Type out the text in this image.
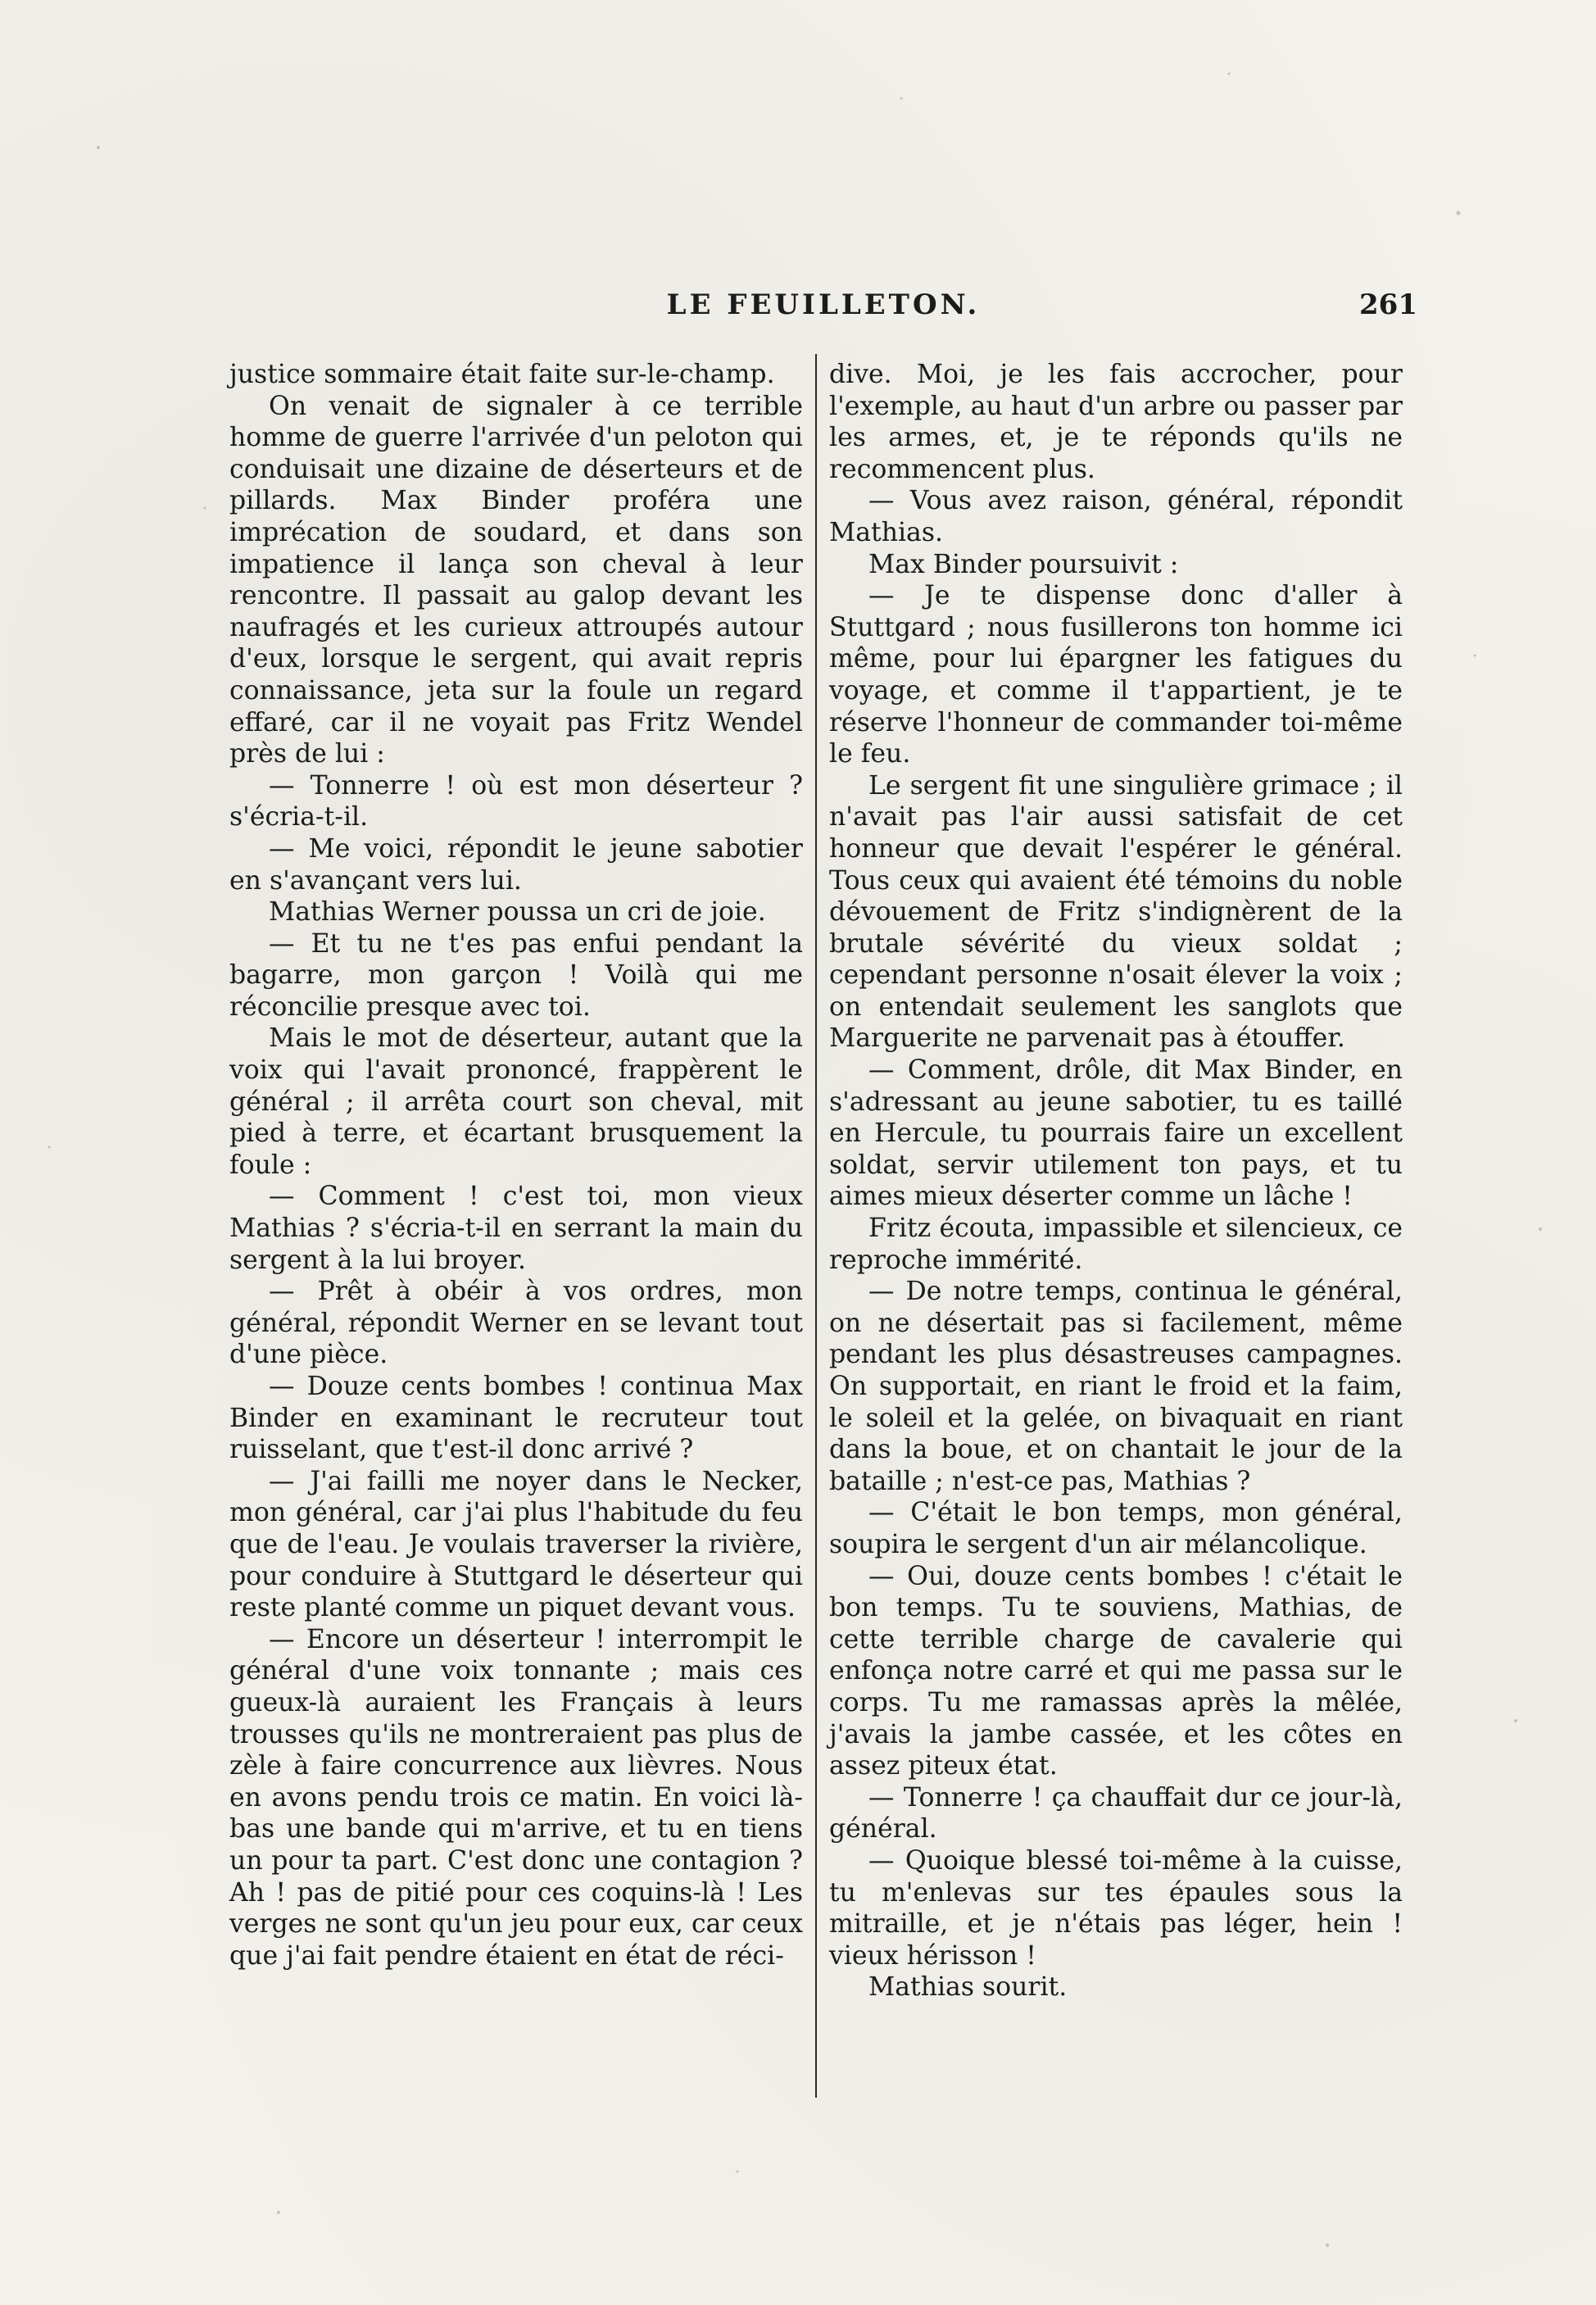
LE FEUILLETON.	261

justice sommaire était faite sur-le-champ.

On venait de signaler à ce terrible homme de guerre l'arrivée d'un peloton qui conduisait une dizaine de déserteurs et de pillards. Max Binder proféra une imprécation de soudard, et dans son impatience il lança son cheval à leur rencontre. Il passait au galop devant les naufragés et les curieux attroupés autour d'eux, lorsque le sergent, qui avait repris connaissance, jeta sur la foule un regard effaré, car il ne voyait pas Fritz Wendel près de lui :

— Tonnerre ! où est mon déserteur ? s'écria-t-il.

— Me voici, répondit le jeune sabotier en s'avançant vers lui.

Mathias Werner poussa un cri de joie.

— Et tu ne t'es pas enfui pendant la bagarre, mon garçon ! Voilà qui me réconcilie presque avec toi.

Mais le mot de déserteur, autant que la voix qui l'avait prononcé, frappèrent le général ; il arrêta court son cheval, mit pied à terre, et écartant brusquement la foule :

— Comment ! c'est toi, mon vieux Mathias ? s'écria-t-il en serrant la main du sergent à la lui broyer.

— Prêt à obéir à vos ordres, mon général, répondit Werner en se levant tout d'une pièce.

— Douze cents bombes ! continua Max Binder en examinant le recruteur tout ruisselant, que t'est-il donc arrivé ?

— J'ai failli me noyer dans le Necker, mon général, car j'ai plus l'habitude du feu que de l'eau. Je voulais traverser la rivière, pour conduire à Stuttgard le déserteur qui reste planté comme un piquet devant vous.

— Encore un déserteur ! interrompit le général d'une voix tonnante ; mais ces gueux-là auraient les Français à leurs trousses qu'ils ne montreraient pas plus de zèle à faire concurrence aux lièvres. Nous en avons pendu trois ce matin. En voici là-bas une bande qui m'arrive, et tu en tiens un pour ta part. C'est donc une contagion ? Ah ! pas de pitié pour ces coquins-là ! Les verges ne sont qu'un jeu pour eux, car ceux que j'ai fait pendre étaient en état de réci-

dive. Moi, je les fais accrocher, pour l'exemple, au haut d'un arbre ou passer par les armes, et, je te réponds qu'ils ne recommencent plus.

— Vous avez raison, général, répondit Mathias.

Max Binder poursuivit :

— Je te dispense donc d'aller à Stuttgard ; nous fusillerons ton homme ici même, pour lui épargner les fatigues du voyage, et comme il t'appartient, je te réserve l'honneur de commander toi-même le feu.

Le sergent fit une singulière grimace ; il n'avait pas l'air aussi satisfait de cet honneur que devait l'espérer le général. Tous ceux qui avaient été témoins du noble dévouement de Fritz s'indignèrent de la brutale sévérité du vieux soldat ; cependant personne n'osait élever la voix ; on entendait seulement les sanglots que Marguerite ne parvenait pas à étouffer.

— Comment, drôle, dit Max Binder, en s'adressant au jeune sabotier, tu es taillé en Hercule, tu pourrais faire un excellent soldat, servir utilement ton pays, et tu aimes mieux déserter comme un lâche !

Fritz écouta, impassible et silencieux, ce reproche immérité.

— De notre temps, continua le général, on ne désertait pas si facilement, même pendant les plus désastreuses campagnes. On supportait, en riant le froid et la faim, le soleil et la gelée, on bivaquait en riant dans la boue, et on chantait le jour de la bataille ; n'est-ce pas, Mathias ?

— C'était le bon temps, mon général, soupira le sergent d'un air mélancolique.

— Oui, douze cents bombes ! c'était le bon temps. Tu te souviens, Mathias, de cette terrible charge de cavalerie qui enfonça notre carré et qui me passa sur le corps. Tu me ramassas après la mêlée, j'avais la jambe cassée, et les côtes en assez piteux état.

— Tonnerre ! ça chauffait dur ce jour-là, général.

— Quoique blessé toi-même à la cuisse, tu m'enlevas sur tes épaules sous la mitraille, et je n'étais pas léger, hein ! vieux hérisson !

Mathias sourit.
